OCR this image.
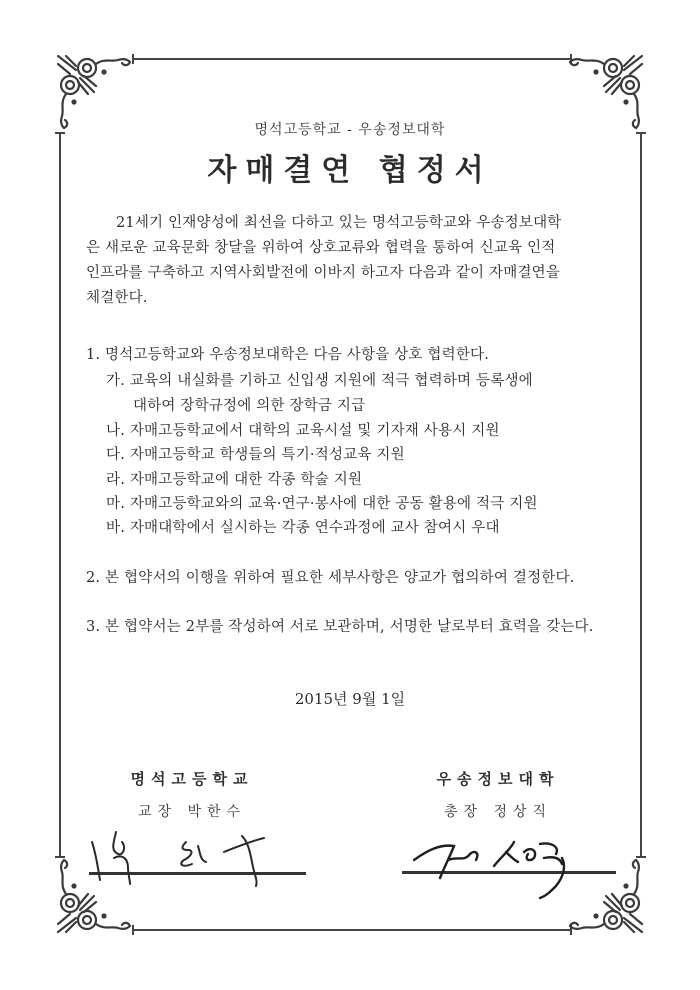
명석고등학교 - 우송정보대학
자매결연 협정서
21세기 인재양성에 최선을 다하고 있는 명석고등학교와 우송정보대학
은 새로운 교육문화 창달을 위하여 상호교류와 협력을 통하여 신교육 인적
인프라를 구축하고 지역사회발전에 이바지 하고자 다음과 같이 자매결연을
체결한다.
1. 명석고등학교와 우송정보대학은 다음 사항을 상호 협력한다.
가. 교육의 내실화를 기하고 신입생 지원에 적극 협력하며 등록생에
대하여 장학규정에 의한 장학금 지급
나. 자매고등학교에서 대학의 교육시설 및 기자재 사용시 지원
다. 자매고등학교 학생들의 특기·적성교육 지원
라. 자매고등학교에 대한 각종 학술 지원
마. 자매고등학교와의 교육·연구·봉사에 대한 공동 활용에 적극 지원
바. 자매대학에서 실시하는 각종 연수과정에 교사 참여시 우대
2. 본 협약서의 이행을 위하여 필요한 세부사항은 양교가 협의하여 결정한다.
3. 본 협약서는 2부를 작성하여 서로 보관하며, 서명한 날로부터 효력을 갖는다.
2015년 9월 1일
명석고등학교
교장 박한수
우송정보대학
총장 정상직
